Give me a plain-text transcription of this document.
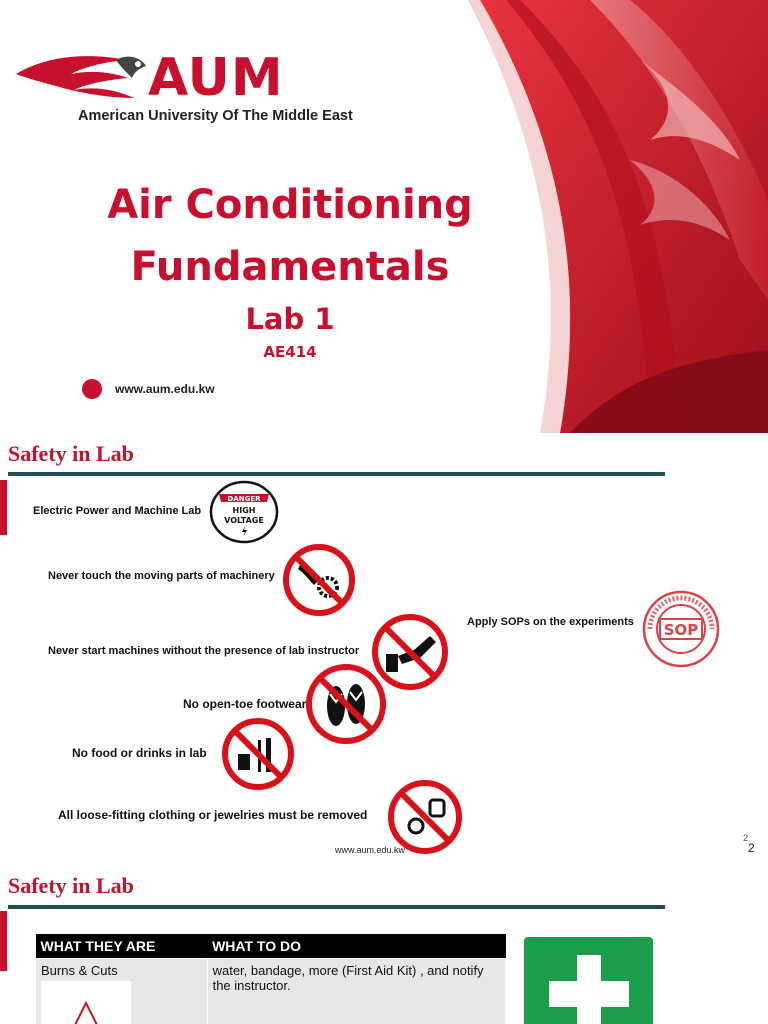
AUM
American University Of The Middle East
Air Conditioning
Fundamentals
Lab 1
AE414
www.aum.edu.kw
Safety in Lab
Electric Power and Machine Lab
DANGER
HIGH
VOLTAGE
Never touch the moving parts of machinery
Never start machines without the presence of lab instructor
No open-toe footwear
No food or drinks in lab
All loose-fitting clothing or jewelries must be removed
Apply SOPs on the experiments SOP
www.aum.edu.kw
2
2
Safety in Lab
WHAT THEY ARE	WHAT TO DO

Burns & Cuts	water, bandage, more (First Aid Kit) , and notify the instructor.
